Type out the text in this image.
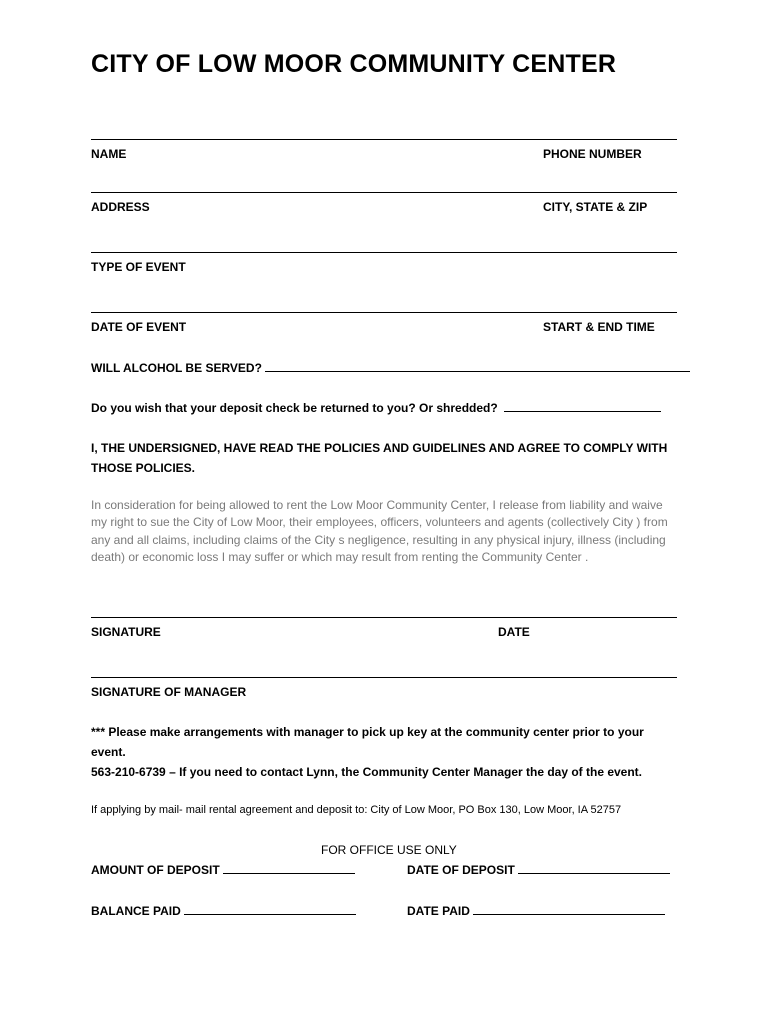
CITY OF LOW MOOR COMMUNITY CENTER
NAME	PHONE NUMBER
ADDRESS	CITY, STATE & ZIP
TYPE OF EVENT
DATE OF EVENT	START & END TIME
WILL ALCOHOL BE SERVED?
Do you wish that your deposit check be returned to you? Or shredded?
I, THE UNDERSIGNED, HAVE READ THE POLICIES AND GUIDELINES AND AGREE TO COMPLY WITH
THOSE POLICIES.
In consideration for being allowed to rent the Low Moor Community Center, I release from liability and waive my right to sue the City of Low Moor, their employees, officers, volunteers and agents (collectively City ) from any and all claims, including claims of the City s negligence, resulting in any physical injury, illness (including death) or economic loss I may suffer or which may result from renting the Community Center .
SIGNATURE	DATE
SIGNATURE OF MANAGER
*** Please make arrangements with manager to pick up key at the community center prior to your
event.
563-210-6739 – If you need to contact Lynn, the Community Center Manager the day of the event.
If applying by mail- mail rental agreement and deposit to: City of Low Moor, PO Box 130, Low Moor, IA 52757
FOR OFFICE USE ONLY
AMOUNT OF DEPOSIT	DATE OF DEPOSIT
BALANCE PAID	DATE PAID
